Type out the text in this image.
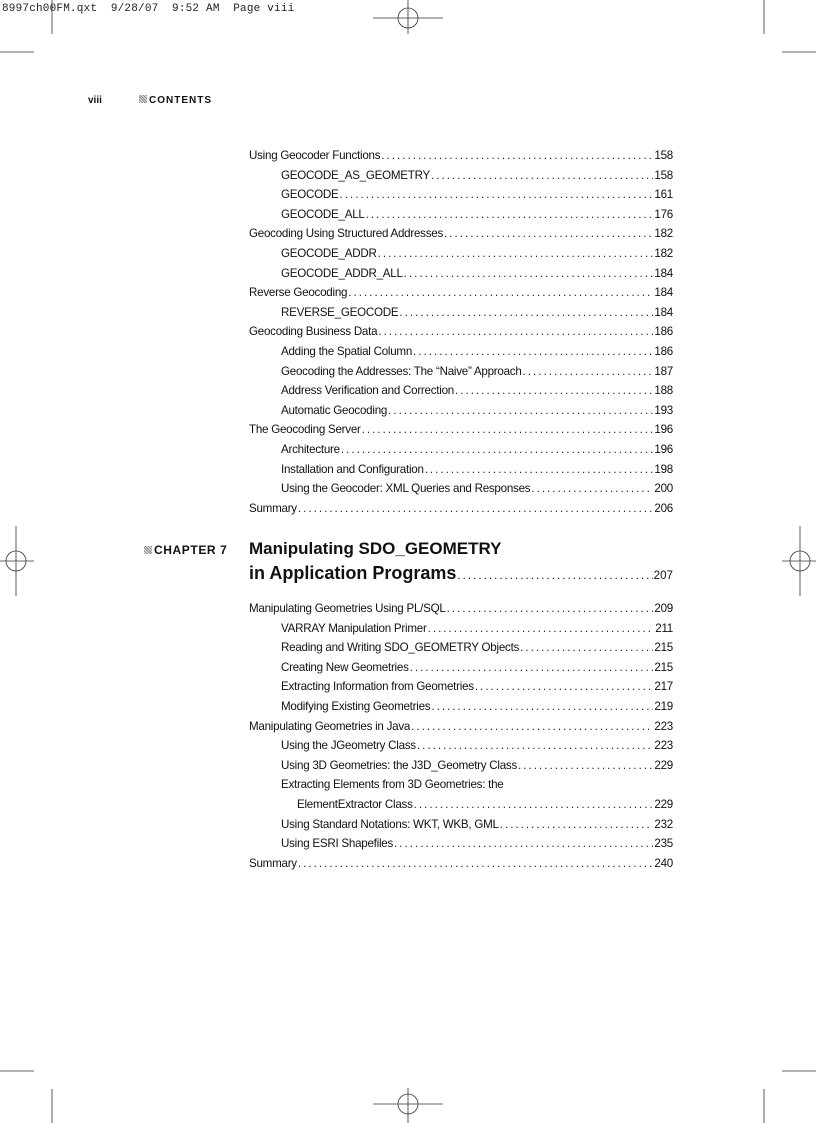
8997ch00FM.qxt  9/28/07  9:52 AM  Page viii
viii	CONTENTS
Using Geocoder Functions . . .	158
GEOCODE_AS_GEOMETRY . . .	158
GEOCODE . . .	161
GEOCODE_ALL . . .	176
Geocoding Using Structured Addresses . . .	182
GEOCODE_ADDR . . .	182
GEOCODE_ADDR_ALL . . .	184
Reverse Geocoding . . .	184
REVERSE_GEOCODE . . .	184
Geocoding Business Data . . .	186
Adding the Spatial Column . . .	186
Geocoding the Addresses: The “Naive” Approach . . .	187
Address Verification and Correction . . .	188
Automatic Geocoding . . .	193
The Geocoding Server . . .	196
Architecture . . .	196
Installation and Configuration . . .	198
Using the Geocoder: XML Queries and Responses . . .	200
Summary . . .	206
CHAPTER 7 Manipulating SDO_GEOMETRY
in Application Programs . . .	207
Manipulating Geometries Using PL/SQL . . .	209
VARRAY Manipulation Primer . . .	211
Reading and Writing SDO_GEOMETRY Objects . . .	215
Creating New Geometries . . .	215
Extracting Information from Geometries . . .	217
Modifying Existing Geometries . . .	219
Manipulating Geometries in Java . . .	223
Using the JGeometry Class . . .	223
Using 3D Geometries: the J3D_Geometry Class . . .	229
Extracting Elements from 3D Geometries: the
ElementExtractor Class . . .	229
Using Standard Notations: WKT, WKB, GML . . .	232
Using ESRI Shapefiles . . .	235
Summary . . .	240
